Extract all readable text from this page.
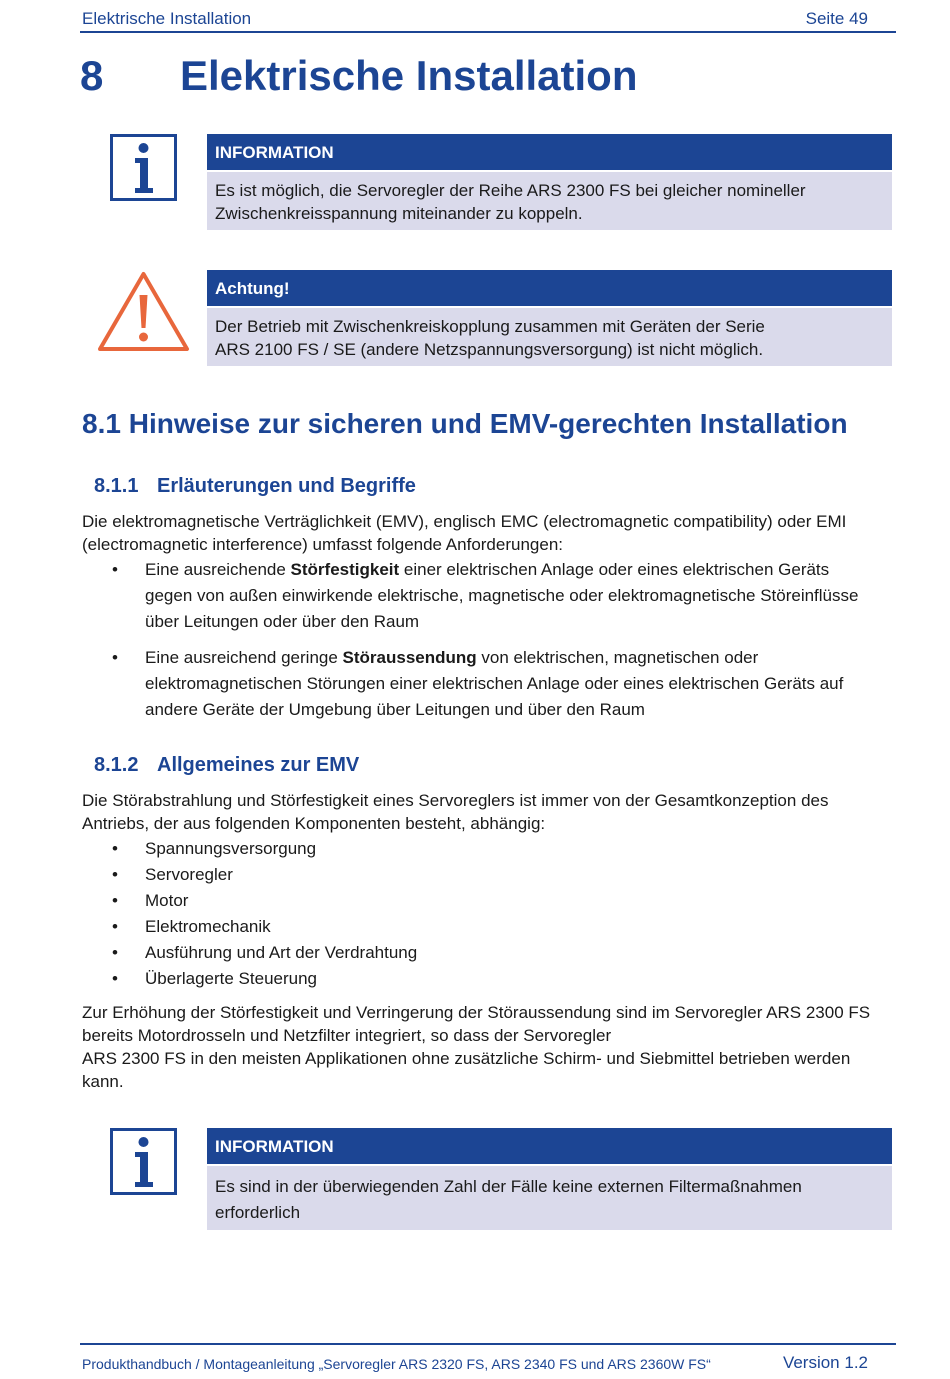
Elektrische Installation	Seite 49
8 Elektrische Installation
INFORMATION
Es ist möglich, die Servoregler der Reihe ARS 2300 FS bei gleicher nomineller
Zwischenkreisspannung miteinander zu koppeln.
Achtung!
Der Betrieb mit Zwischenkreiskopplung zusammen mit Geräten der Serie
ARS 2100 FS / SE (andere Netzspannungsversorgung) ist nicht möglich.
8.1 Hinweise zur sicheren und EMV-gerechten Installation
8.1.1 Erläuterungen und Begriffe
Die elektromagnetische Verträglichkeit (EMV), englisch EMC (electromagnetic compatibility) oder EMI
(electromagnetic interference) umfasst folgende Anforderungen:
• Eine ausreichende Störfestigkeit einer elektrischen Anlage oder eines elektrischen Geräts
gegen von außen einwirkende elektrische, magnetische oder elektromagnetische Störeinflüsse
über Leitungen oder über den Raum
• Eine ausreichend geringe Störaussendung von elektrischen, magnetischen oder
elektromagnetischen Störungen einer elektrischen Anlage oder eines elektrischen Geräts auf
andere Geräte der Umgebung über Leitungen und über den Raum
8.1.2 Allgemeines zur EMV
Die Störabstrahlung und Störfestigkeit eines Servoreglers ist immer von der Gesamtkonzeption des
Antriebs, der aus folgenden Komponenten besteht, abhängig:
• Spannungsversorgung
• Servoregler
• Motor
• Elektromechanik
• Ausführung und Art der Verdrahtung
• Überlagerte Steuerung
Zur Erhöhung der Störfestigkeit und Verringerung der Störaussendung sind im Servoregler ARS 2300 FS
bereits Motordrosseln und Netzfilter integriert, so dass der Servoregler
ARS 2300 FS in den meisten Applikationen ohne zusätzliche Schirm- und Siebmittel betrieben werden
kann.
INFORMATION
Es sind in der überwiegenden Zahl der Fälle keine externen Filtermaßnahmen
erforderlich
Produkthandbuch / Montageanleitung „Servoregler ARS 2320 FS, ARS 2340 FS und ARS 2360W FS“	Version 1.2
